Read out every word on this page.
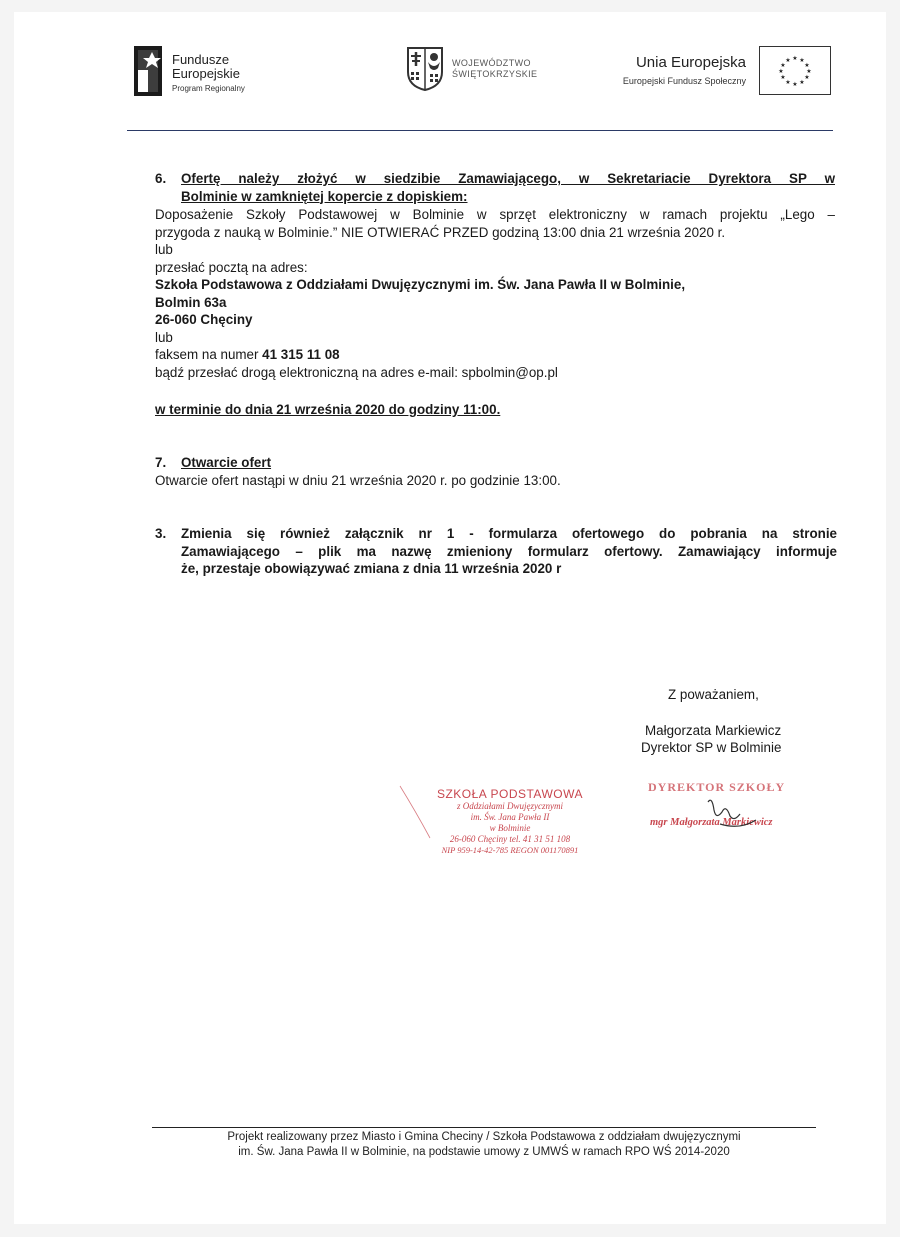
Fundusze
Europejskie
Program Regionalny
WOJEWÓDZTWO
ŚWIĘTOKRZYSKIE
Unia Europejska
Europejski Fundusz Społeczny
★ ★
★
★
★
★
★
★
★
★
★
★
6.	Ofertę należy złożyć w siedzibie Zamawiającego, w Sekretariacie Dyrektora SP w
Bolminie w zamkniętej kopercie z dopiskiem:
Doposażenie Szkoły Podstawowej w Bolminie w sprzęt elektroniczny w ramach projektu „Lego –
przygoda z nauką w Bolminie.” NIE OTWIERAĆ PRZED godziną 13:00 dnia 21 września 2020 r.
lub
przesłać pocztą na adres:
Szkoła Podstawowa z Oddziałami Dwujęzycznymi im. Św. Jana Pawła II w Bolminie,
Bolmin 63a
26-060 Chęciny
lub
faksem na numer 41 315 11 08
bądź przesłać drogą elektroniczną na adres e-mail: spbolmin@op.pl
w terminie do dnia 21 września 2020 do godziny 11:00.
7. Otwarcie ofert
Otwarcie ofert nastąpi w dniu 21 września 2020 r. po godzinie 13:00.
3.	Zmienia się również załącznik nr 1 - formularza ofertowego do pobrania na stronie
Zamawiającego – plik ma nazwę zmieniony formularz ofertowy. Zamawiający informuje
że, przestaje obowiązywać zmiana z dnia 11 września 2020 r
Z poważaniem,
Małgorzata Markiewicz
Dyrektor SP w Bolminie
SZKOŁA PODSTAWOWA
z Oddziałami Dwujęzycznymi
im. Św. Jana Pawła II
w Bolminie
26-060 Chęciny tel. 41 31 51 108
NIP 959-14-42-785 REGON 001170891
DYREKTOR SZKOŁY
mgr Małgorzata Markiewicz
Projekt realizowany przez Miasto i Gmina Checiny / Szkoła Podstawowa z oddziałam dwujęzycznymi
im. Św. Jana Pawła II w Bolminie, na podstawie umowy z UMWŚ w ramach RPO WŚ 2014-2020
